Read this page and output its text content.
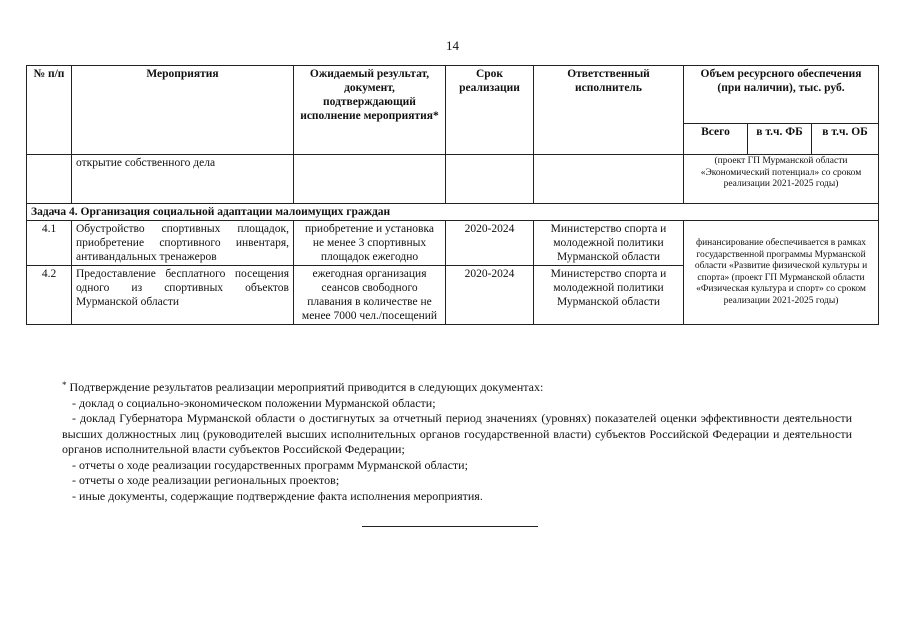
14
№ п/п	Мероприятия	Ожидаемый результат, документ, подтверждающий исполнение мероприятия*	Срок реализации	Ответственный исполнитель	Объем ресурсного обеспечения (при наличии), тыс. руб.		
					Всего	в т.ч. ФБ	в т.ч. ОБ
	открытие собственного дела				(проект ГП Мурманской области «Экономический потенциал» со сроком реализации 2021-2025 годы)		
Задача 4. Организация социальной адаптации малоимущих граждан							
4.1	Обустройство спортивных площадок, приобретение спортивного инвентаря, антивандальных тренажеров	приобретение и установка не менее 3 спортивных площадок ежегодно	2020-2024	Министерство спорта и молодежной политики Мурманской области	финансирование обеспечивается в рамках государственной программы Мурманской области «Развитие физической культуры и спорта» (проект ГП Мурманской области «Физическая культура и спорт» со сроком реализации 2021-2025 годы)		
4.2	Предоставление бесплатного посещения одного из спортивных объектов Мурманской области	ежегодная организация сеансов свободного плавания в количестве не менее 7000 чел./посещений	2020-2024	Министерство спорта и молодежной политики Мурманской области			

* Подтверждение результатов реализации мероприятий приводится в следующих документах:

- доклад о социально-экономическом положении Мурманской области;

- доклад Губернатора Мурманской области о достигнутых за отчетный период значениях (уровнях) показателей оценки эффективности деятельности высших должностных лиц (руководителей высших исполнительных органов государственной власти) субъектов Российской Федерации и деятельности органов исполнительной власти субъектов Российской Федерации;

- отчеты о ходе реализации государственных программ Мурманской области;

- отчеты о ходе реализации региональных проектов;

- иные документы, содержащие подтверждение факта исполнения мероприятия.
